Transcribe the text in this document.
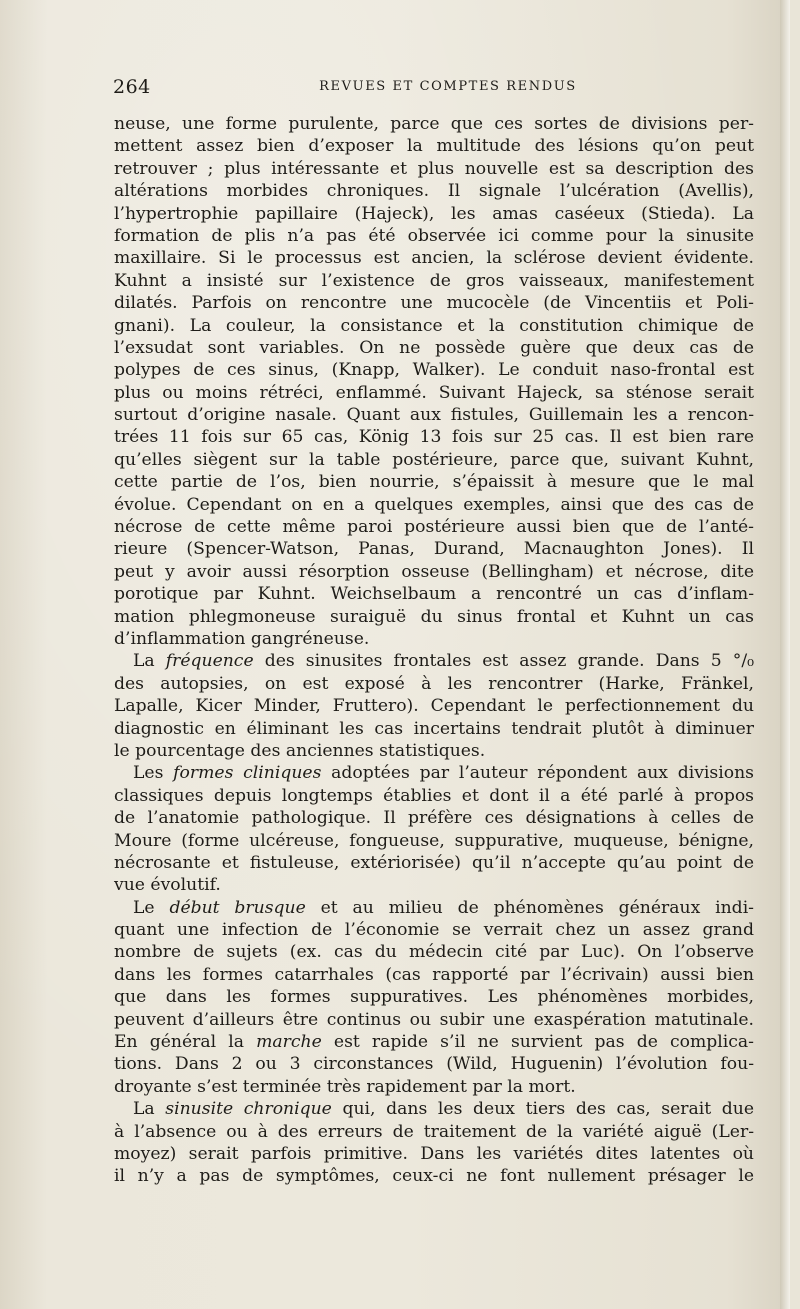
264	REVUES ET COMPTES RENDUS
neuse, une forme purulente, parce que ces sortes de divisions per-
mettent assez bien d’exposer la multitude des lésions qu’on peut
retrouver ; plus intéressante et plus nouvelle est sa description des
altérations morbides chroniques. Il signale l’ulcération (Avellis),
l’hypertrophie papillaire (Hajeck), les amas caséeux (Stieda). La
formation de plis n’a pas été observée ici comme pour la sinusite
maxillaire. Si le processus est ancien, la sclérose devient évidente.
Kuhnt a insisté sur l’existence de gros vaisseaux, manifestement
dilatés. Parfois on rencontre une mucocèle (de Vincentiis et Poli-
gnani). La couleur, la consistance et la constitution chimique de
l’exsudat sont variables. On ne possède guère que deux cas de
polypes de ces sinus, (Knapp, Walker). Le conduit naso-frontal est
plus ou moins rétréci, enflammé. Suivant Hajeck, sa sténose serait
surtout d’origine nasale. Quant aux fistules, Guillemain les a rencon-
trées 11 fois sur 65 cas, König 13 fois sur 25 cas. Il est bien rare
qu’elles siègent sur la table postérieure, parce que, suivant Kuhnt,
cette partie de l’os, bien nourrie, s’épaissit à mesure que le mal
évolue. Cependant on en a quelques exemples, ainsi que des cas de
nécrose de cette même paroi postérieure aussi bien que de l’anté-
rieure (Spencer-Watson, Panas, Durand, Macnaughton Jones). Il
peut y avoir aussi résorption osseuse (Bellingham) et nécrose, dite
porotique par Kuhnt. Weichselbaum a rencontré un cas d’inflam-
mation phlegmoneuse suraiguë du sinus frontal et Kuhnt un cas
d’inflammation gangréneuse.
La fréquence des sinusites frontales est assez grande. Dans 5 °/₀
des autopsies, on est exposé à les rencontrer (Harke, Fränkel,
Lapalle, Kicer Minder, Fruttero). Cependant le perfectionnement du
diagnostic en éliminant les cas incertains tendrait plutôt à diminuer
le pourcentage des anciennes statistiques.
Les formes cliniques adoptées par l’auteur répondent aux divisions
classiques depuis longtemps établies et dont il a été parlé à propos
de l’anatomie pathologique. Il préfère ces désignations à celles de
Moure (forme ulcéreuse, fongueuse, suppurative, muqueuse, bénigne,
nécrosante et fistuleuse, extériorisée) qu’il n’accepte qu’au point de
vue évolutif.
Le début brusque et au milieu de phénomènes généraux indi-
quant une infection de l’économie se verrait chez un assez grand
nombre de sujets (ex. cas du médecin cité par Luc). On l’observe
dans les formes catarrhales (cas rapporté par l’écrivain) aussi bien
que dans les formes suppuratives. Les phénomènes morbides,
peuvent d’ailleurs être continus ou subir une exaspération matutinale.
En général la marche est rapide s’il ne survient pas de complica-
tions. Dans 2 ou 3 circonstances (Wild, Huguenin) l’évolution fou-
droyante s’est terminée très rapidement par la mort.
La sinusite chronique qui, dans les deux tiers des cas, serait due
à l’absence ou à des erreurs de traitement de la variété aiguë (Ler-
moyez) serait parfois primitive. Dans les variétés dites latentes où
il n’y a pas de symptômes, ceux-ci ne font nullement présager le
